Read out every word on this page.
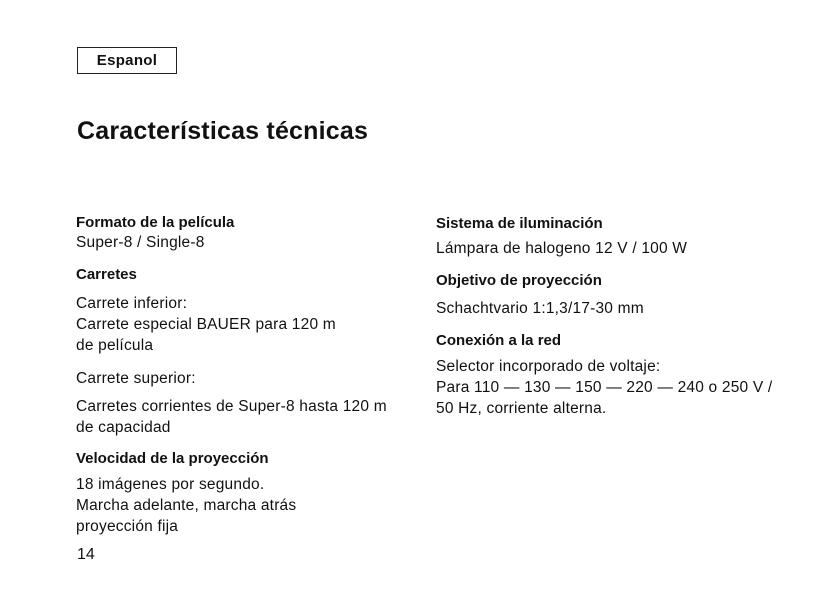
Espanol
Características técnicas

Formato de la película

Super-8 / Single-8

Carretes

Carrete inferior:

Carrete especial BAUER para 120 m

de película

Carrete superior:

Carretes corrientes de Super-8 hasta 120 m

de capacidad

Velocidad de la proyección

18 imágenes por segundo.

Marcha adelante, marcha atrás

proyección fija

Sistema de iluminación

Lámpara de halogeno 12 V / 100 W

Objetivo de proyección

Schachtvario 1:1,3/17-30 mm

Conexión a la red

Selector incorporado de voltaje:

Para 110 — 130 — 150 — 220 — 240 o 250 V /

50 Hz, corriente alterna.

14
